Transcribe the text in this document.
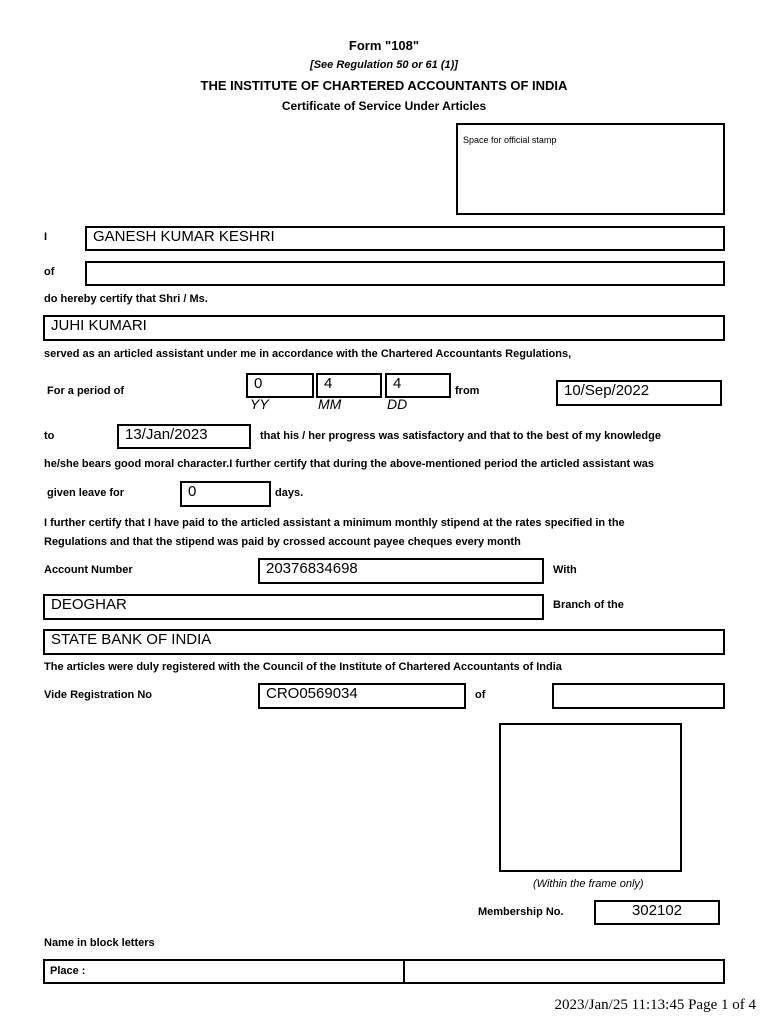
Form "108"
[See Regulation 50 or 61 (1)]
THE INSTITUTE OF CHARTERED ACCOUNTANTS OF INDIA
Certificate of Service Under Articles
Space for official stamp
I	GANESH KUMAR KESHRI
of
do hereby certify that Shri / Ms.
JUHI KUMARI
served as an articled assistant under me in accordance with the Chartered Accountants Regulations,
For a period of	0	4	4
YY	MM	DD
from	10/Sep/2022
to	13/Jan/2023	that his / her progress was satisfactory and that to the best of my knowledge
he/she bears good moral character.I further certify that during the above-mentioned period the articled assistant was
given leave for	0	days.
I further certify that I have paid to the articled assistant a minimum monthly stipend at the rates specified in the
Regulations and that the stipend was paid by crossed account payee cheques every month
Account Number	20376834698	With
DEOGHAR	Branch of the
STATE BANK OF INDIA
The articles were duly registered with the Council of the Institute of Chartered Accountants of India
Vide Registration No	CRO0569034	of
(Within the frame only)
Membership No.	302102
Name in block letters
Place :
2023/Jan/25 11:13:45 Page 1 of 4
